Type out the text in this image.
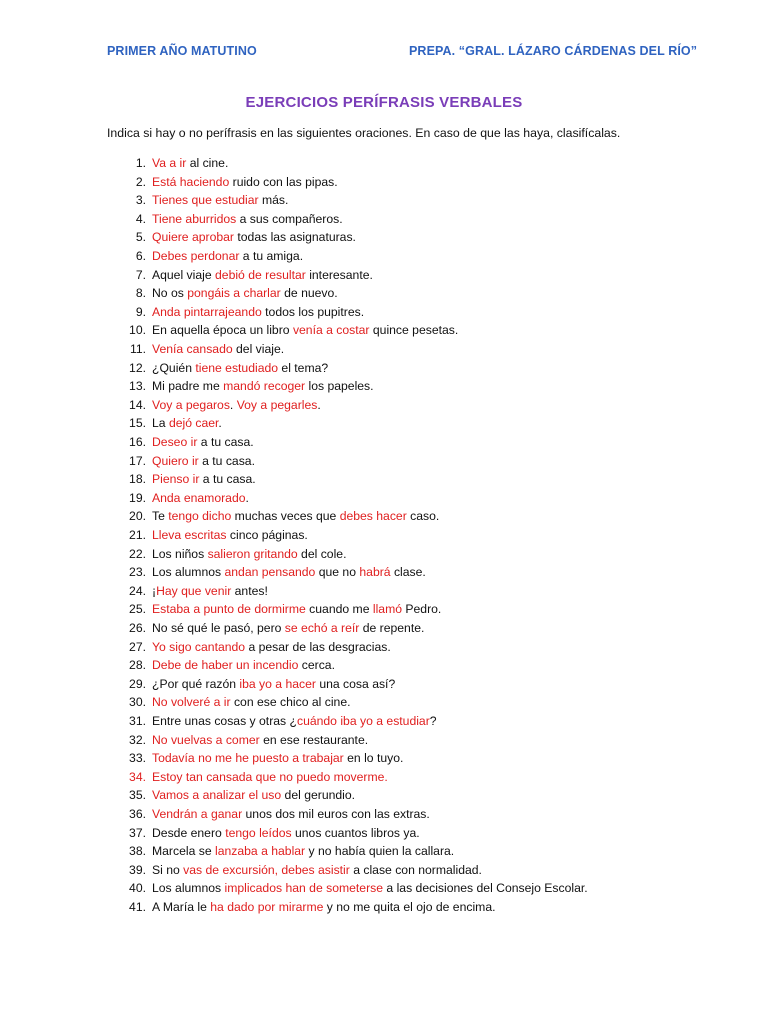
PRIMER AÑO MATUTINO	PREPA. “GRAL. LÁZARO CÁRDENAS DEL RÍO”
EJERCICIOS PERÍFRASIS VERBALES
Indica si hay o no perífrasis en las siguientes oraciones. En caso de que las haya, clasifícalas.
1. Va a ir al cine.
2. Está haciendo ruido con las pipas.
3. Tienes que estudiar más.
4. Tiene aburridos a sus compañeros.
5. Quiere aprobar todas las asignaturas.
6. Debes perdonar a tu amiga.
7. Aquel viaje debió de resultar interesante.
8. No os pongáis a charlar de nuevo.
9. Anda pintarrajeando todos los pupitres.
10. En aquella época un libro venía a costar quince pesetas.
11. Venía cansado del viaje.
12. ¿Quién tiene estudiado el tema?
13. Mi padre me mandó recoger los papeles.
14. Voy a pegaros. Voy a pegarles.
15. La dejó caer.
16. Deseo ir a tu casa.
17. Quiero ir a tu casa.
18. Pienso ir a tu casa.
19. Anda enamorado.
20. Te tengo dicho muchas veces que debes hacer caso.
21. Lleva escritas cinco páginas.
22. Los niños salieron gritando del cole.
23. Los alumnos andan pensando que no habrá clase.
24. ¡Hay que venir antes!
25. Estaba a punto de dormirme cuando me llamó Pedro.
26. No sé qué le pasó, pero se echó a reír de repente.
27. Yo sigo cantando a pesar de las desgracias.
28. Debe de haber un incendio cerca.
29. ¿Por qué razón iba yo a hacer una cosa así?
30. No volveré a ir con ese chico al cine.
31. Entre unas cosas y otras ¿cuándo iba yo a estudiar?
32. No vuelvas a comer en ese restaurante.
33. Todavía no me he puesto a trabajar en lo tuyo.
34. Estoy tan cansada que no puedo moverme.
35. Vamos a analizar el uso del gerundio.
36. Vendrán a ganar unos dos mil euros con las extras.
37. Desde enero tengo leídos unos cuantos libros ya.
38. Marcela se lanzaba a hablar y no había quien la callara.
39. Si no vas de excursión, debes asistir a clase con normalidad.
40. Los alumnos implicados han de someterse a las decisiones del Consejo Escolar.
41. A María le ha dado por mirarme y no me quita el ojo de encima.
